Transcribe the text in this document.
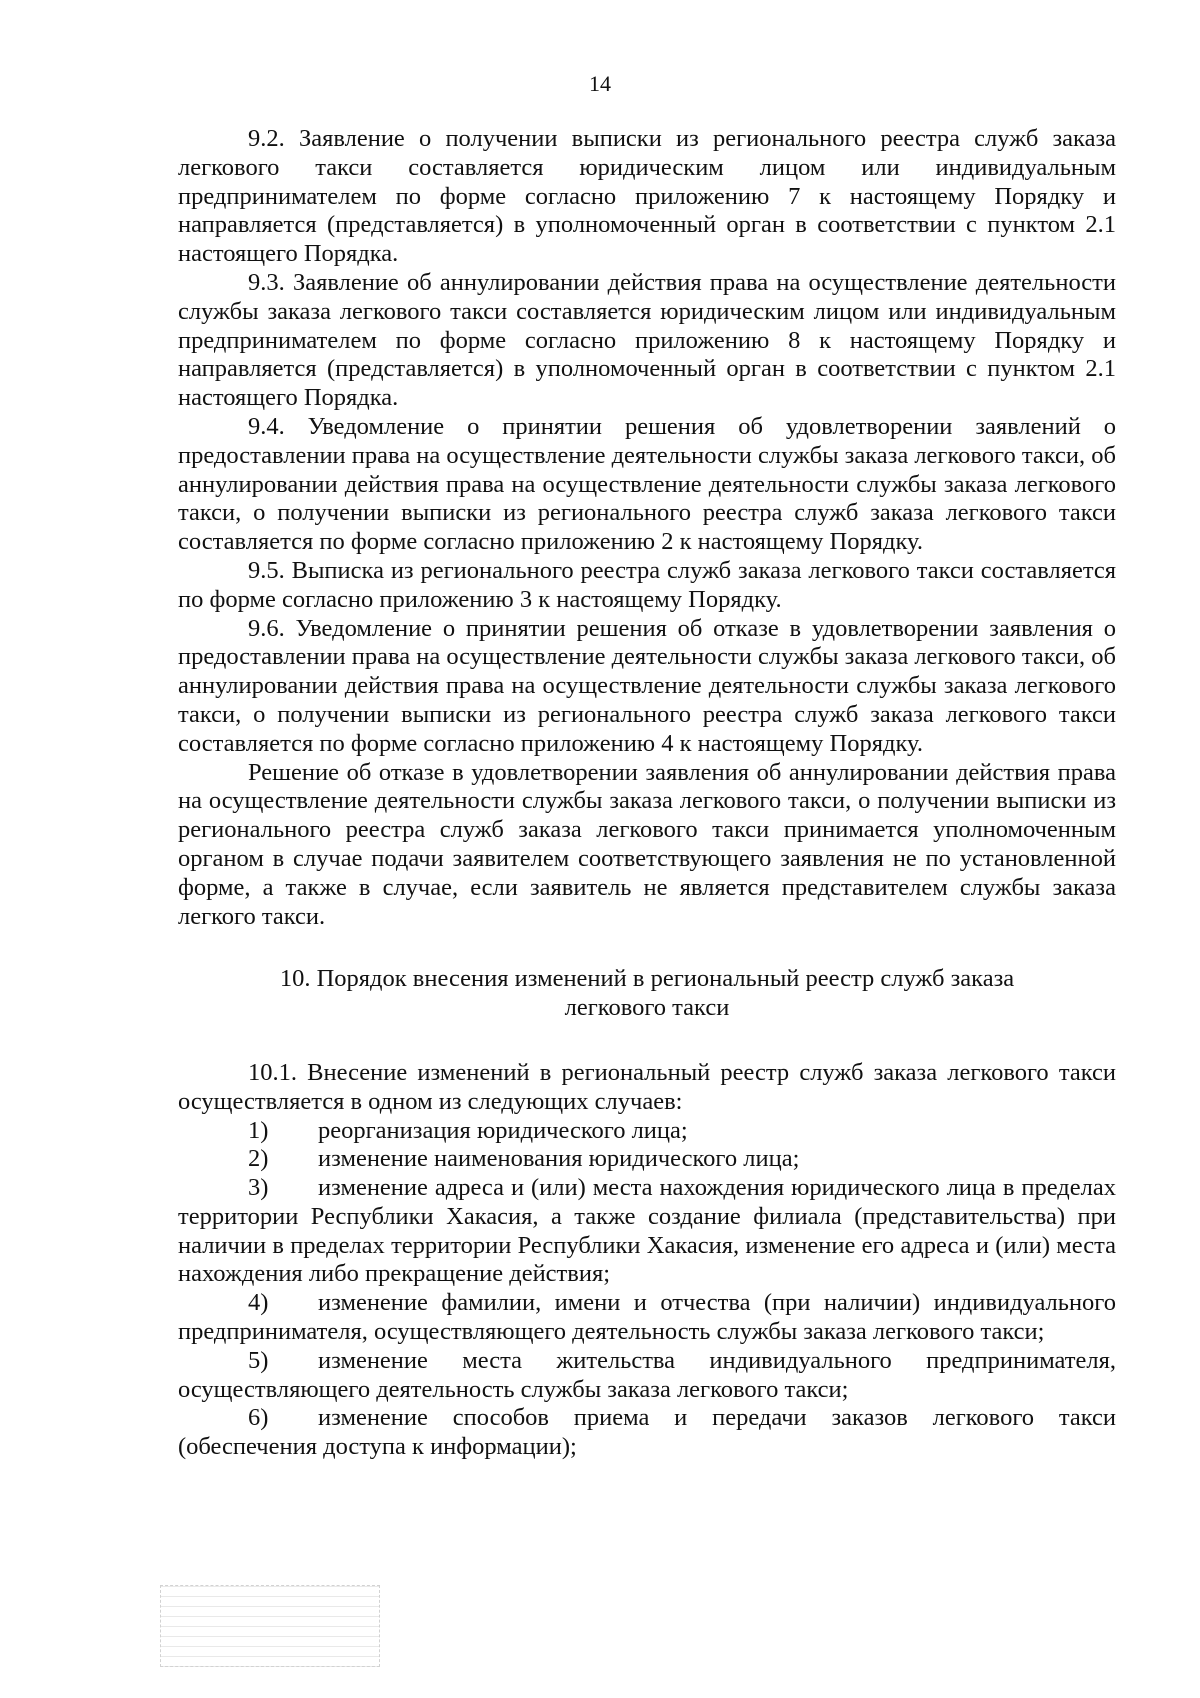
14

9.2. Заявление о получении выписки из регионального реестра служб заказа легкового такси составляется юридическим лицом или индивидуальным предпринимателем по форме согласно приложению 7 к настоящему Порядку и направляется (представляется) в уполномоченный орган в соответствии с пунктом 2.1 настоящего Порядка.

9.3. Заявление об аннулировании действия права на осуществление деятельности службы заказа легкового такси составляется юридическим лицом или индивидуальным предпринимателем по форме согласно приложению 8 к настоящему Порядку и направляется (представляется) в уполномоченный орган в соответствии с пунктом 2.1 настоящего Порядка.

9.4. Уведомление о принятии решения об удовлетворении заявлений о предоставлении права на осуществление деятельности службы заказа легкового такси, об аннулировании действия права на осуществление деятельности службы заказа легкового такси, о получении выписки из регионального реестра служб заказа легкового такси составляется по форме согласно приложению 2 к настоящему Порядку.

9.5. Выписка из регионального реестра служб заказа легкового такси составляется по форме согласно приложению 3 к настоящему Порядку.

9.6. Уведомление о принятии решения об отказе в удовлетворении заявления о предоставлении права на осуществление деятельности службы заказа легкового такси, об аннулировании действия права на осуществление деятельности службы заказа легкового такси, о получении выписки из регионального реестра служб заказа легкового такси составляется по форме согласно приложению 4 к настоящему Порядку.

Решение об отказе в удовлетворении заявления об аннулировании действия права на осуществление деятельности службы заказа легкового такси, о получении выписки из регионального реестра служб заказа легкового такси принимается уполномоченным органом в случае подачи заявителем соответствующего заявления не по установленной форме, а также в случае, если заявитель не является представителем службы заказа легкого такси.

10. Порядок внесения изменений в региональный реестр служб заказа
легкового такси

10.1. Внесение изменений в региональный реестр служб заказа легкового такси осуществляется в одном из следующих случаев:

1) реорганизация юридического лица;

2) изменение наименования юридического лица;

3) изменение адреса и (или) места нахождения юридического лица в пределах территории Республики Хакасия, а также создание филиала (представительства) при наличии в пределах территории Республики Хакасия, изменение его адреса и (или) места нахождения либо прекращение действия;

4) изменение фамилии, имени и отчества (при наличии) индивидуального предпринимателя, осуществляющего деятельность службы заказа легкового такси;

5) изменение места жительства индивидуального предпринимателя, осуществляющего деятельность службы заказа легкового такси;

6) изменение способов приема и передачи заказов легкового такси (обеспечения доступа к информации);
